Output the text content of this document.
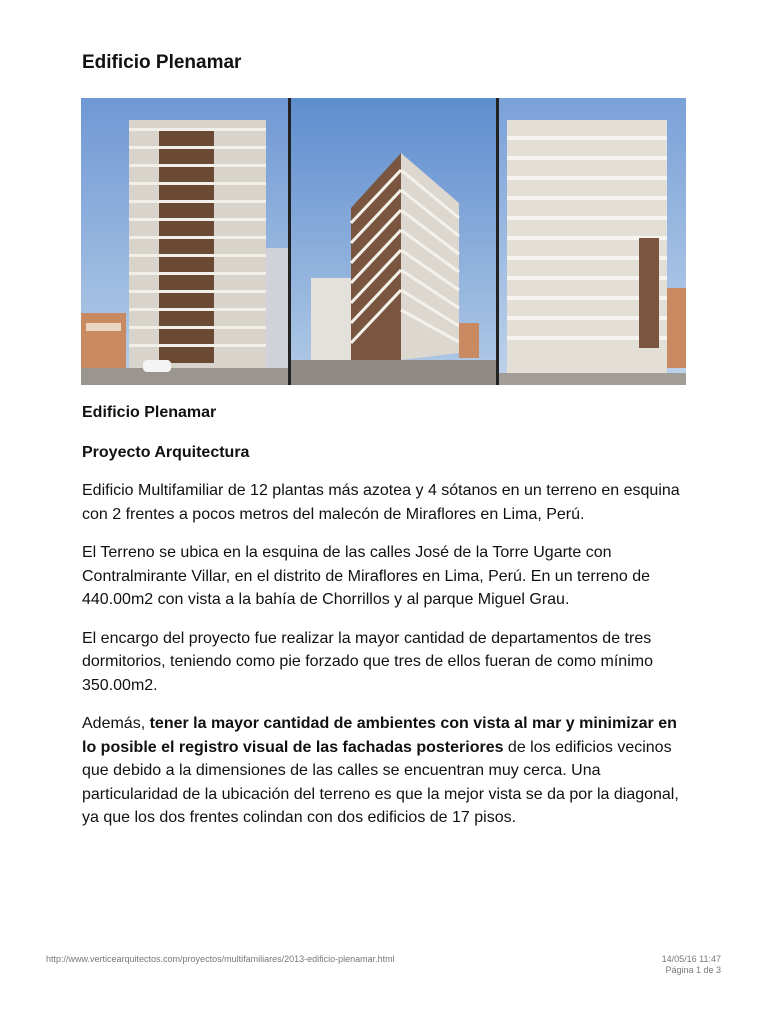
Edificio Plenamar
Edificio Plenamar
Proyecto Arquitectura

Edificio Multifamiliar de 12 plantas más azotea y 4 sótanos en un terreno en esquina con 2 frentes a pocos metros del malecón de Miraflores en Lima, Perú.

El Terreno se ubica en la esquina de las calles José de la Torre Ugarte con Contralmirante Villar, en el distrito de Miraflores en Lima, Perú. En un terreno de 440.00m2 con vista a la bahía de Chorrillos y al parque Miguel Grau.

El encargo del proyecto fue realizar la mayor cantidad de departamentos de tres dormitorios, teniendo como pie forzado que tres de ellos fueran de como mínimo 350.00m2.

Además, tener la mayor cantidad de ambientes con vista al mar y minimizar en lo posible el registro visual de las fachadas posteriores de los edificios vecinos que debido a la dimensiones de las calles se encuentran muy cerca. Una particularidad de la ubicación del terreno es que la mejor vista se da por la diagonal, ya que los dos frentes colindan con dos edificios de 17 pisos.

http://www.verticearquitectos.com/proyectos/multifamiliares/2013-edificio-plenamar.html	14/05/16 11:47
Página 1 de 3
